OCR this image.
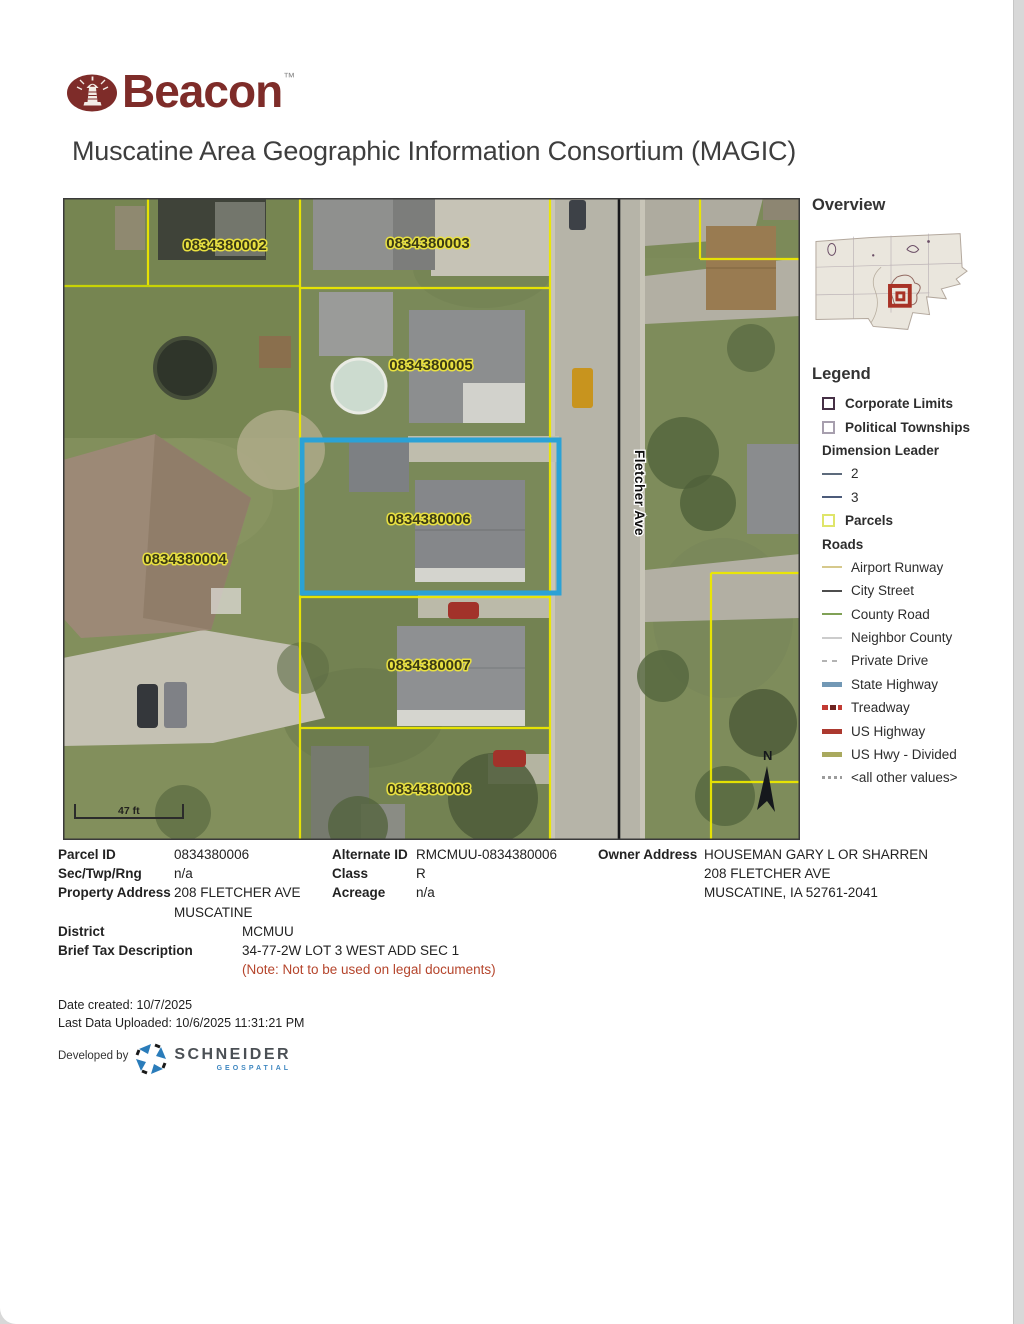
Beacon ™
Muscatine Area Geographic Information Consortium (MAGIC)
0834380002	0834380003
0834380005
0834380006
0834380004
0834380007
0834380008
Fletcher Ave
N
47 ft
Overview
Legend
Corporate Limits
Political Townships
Dimension Leader
2
3
Parcels
Roads
Airport Runway
City Street
County Road
Neighbor County
Private Drive
State Highway
Treadway
US Highway
US Hwy - Divided
<all other values>
Parcel ID	0834380006
Sec/Twp/Rng	n/a
Property Address 208 FLETCHER AVE
MUSCATINE
Alternate ID RMCMUU-0834380006
Class	R
Acreage	n/a
Owner Address HOUSEMAN GARY L OR SHARREN
208 FLETCHER AVE
MUSCATINE, IA 52761-2041
District	MCMUU
Brief Tax Description	34-77-2W LOT 3 WEST ADD SEC 1
(Note: Not to be used on legal documents)
Date created: 10/7/2025
Last Data Uploaded: 10/6/2025 11:31:21 PM
Developed by	SCHNEIDER
GEOSPATIAL
